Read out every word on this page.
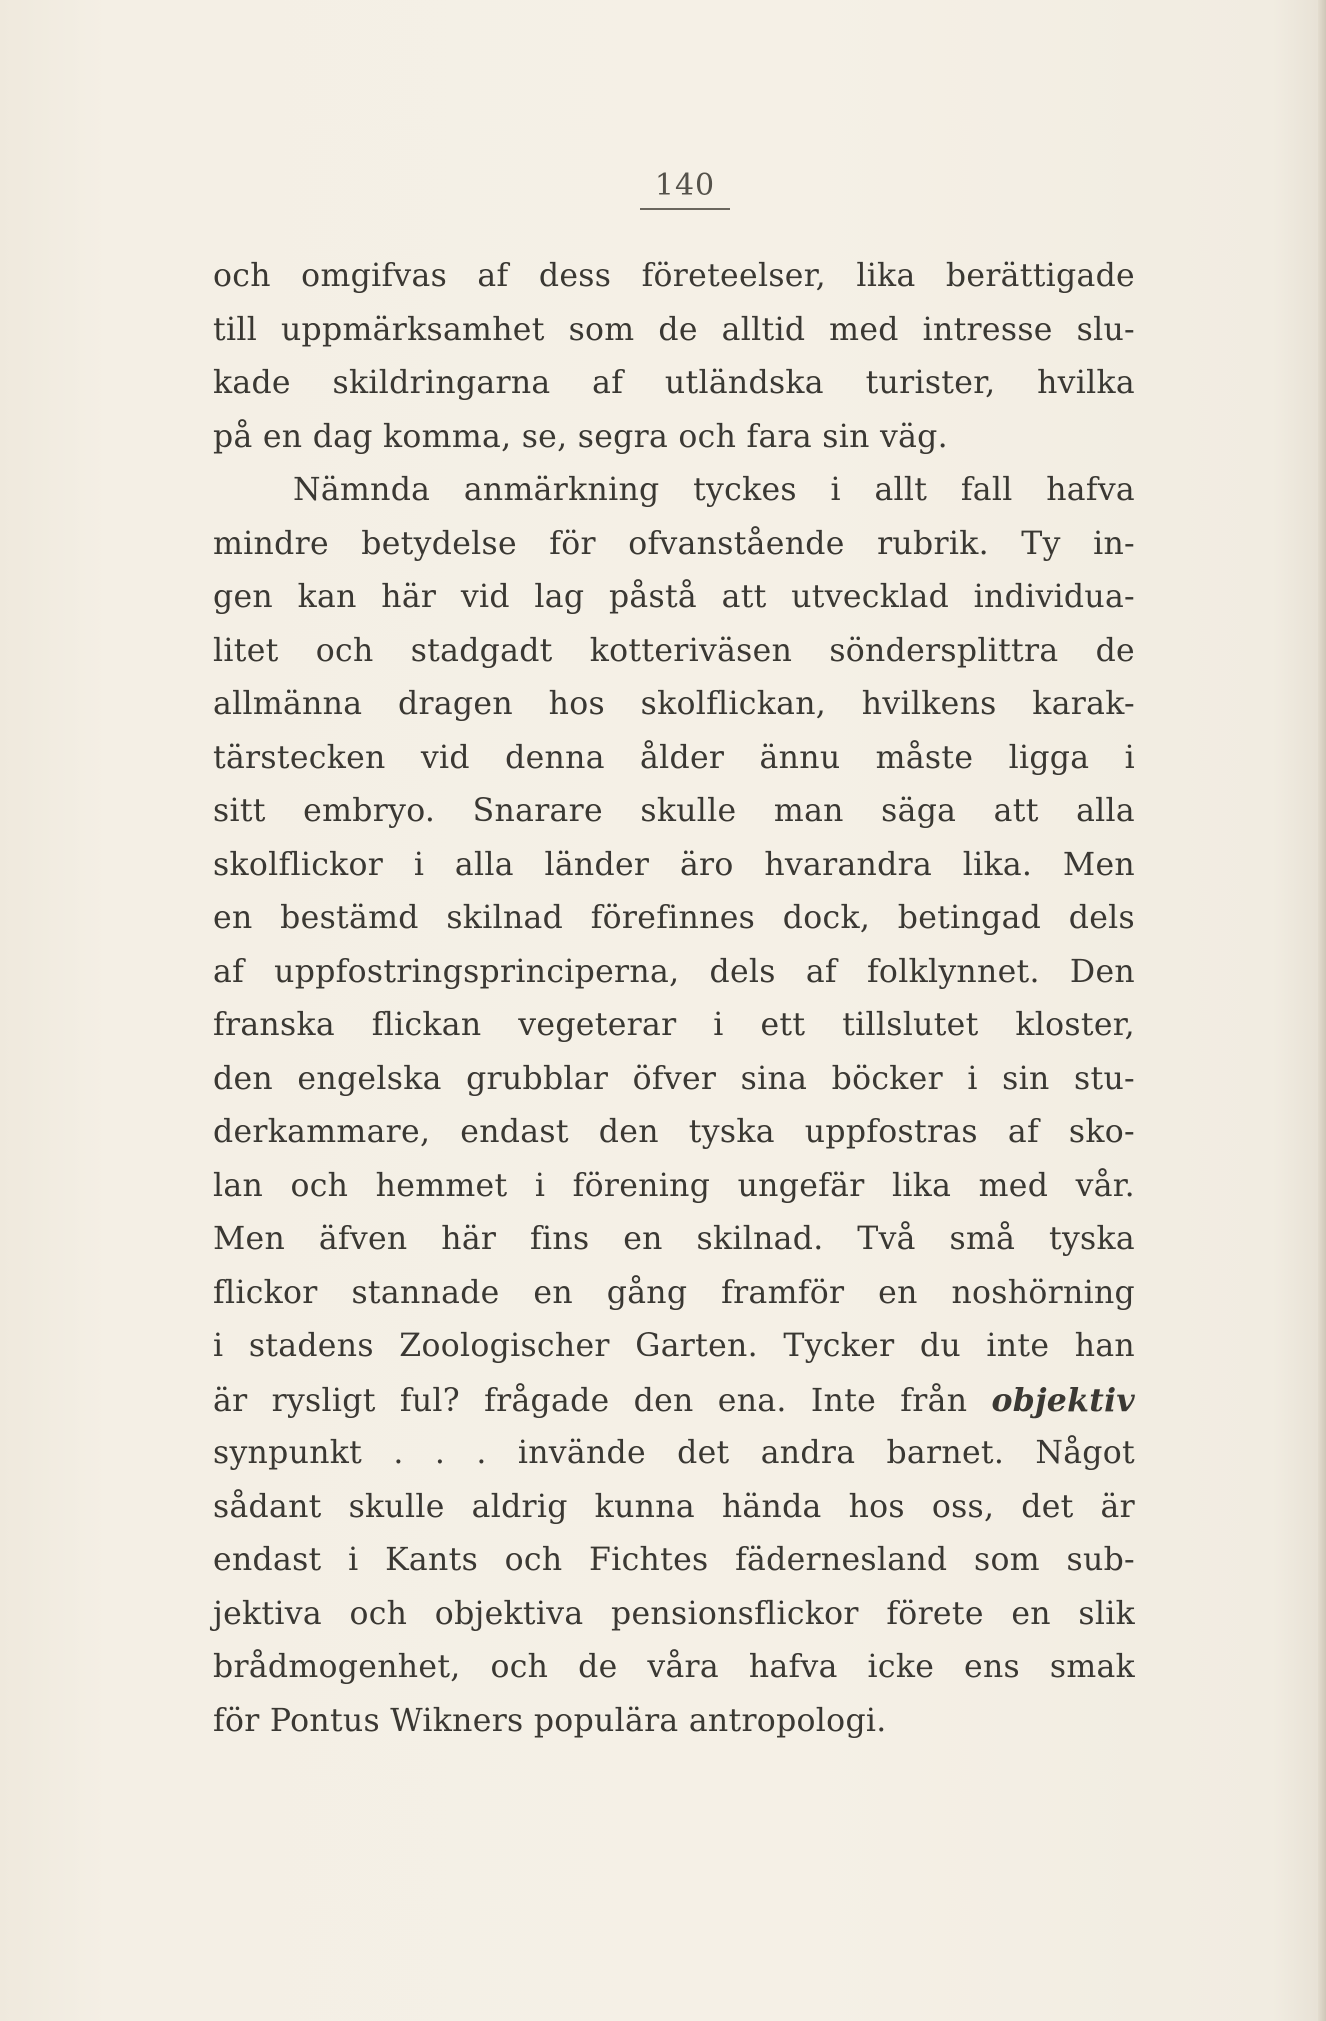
140
och omgifvas af dess företeelser, lika berättigade
till uppmärksamhet som de alltid med intresse slu-
kade skildringarna af utländska turister, hvilka
på en dag komma, se, segra och fara sin väg.
Nämnda anmärkning tyckes i allt fall hafva
mindre betydelse för ofvanstående rubrik. Ty in-
gen kan här vid lag påstå att utvecklad individua-
litet och stadgadt kotteriväsen söndersplittra de
allmänna dragen hos skolflickan, hvilkens karak-
tärstecken vid denna ålder ännu måste ligga i
sitt embryo. Snarare skulle man säga att alla
skolflickor i alla länder äro hvarandra lika. Men
en bestämd skilnad förefinnes dock, betingad dels
af uppfostringsprinciperna, dels af folklynnet. Den
franska flickan vegeterar i ett tillslutet kloster,
den engelska grubblar öfver sina böcker i sin stu-
derkammare, endast den tyska uppfostras af sko-
lan och hemmet i förening ungefär lika med vår.
Men äfven här fins en skilnad. Två små tyska
flickor stannade en gång framför en noshörning
i stadens Zoologischer Garten. Tycker du inte han
är rysligt ful? frågade den ena. Inte från objektiv
synpunkt . . . invände det andra barnet. Något
sådant skulle aldrig kunna hända hos oss, det är
endast i Kants och Fichtes fädernesland som sub-
jektiva och objektiva pensionsflickor förete en slik
brådmogenhet, och de våra hafva icke ens smak
för Pontus Wikners populära antropologi.
